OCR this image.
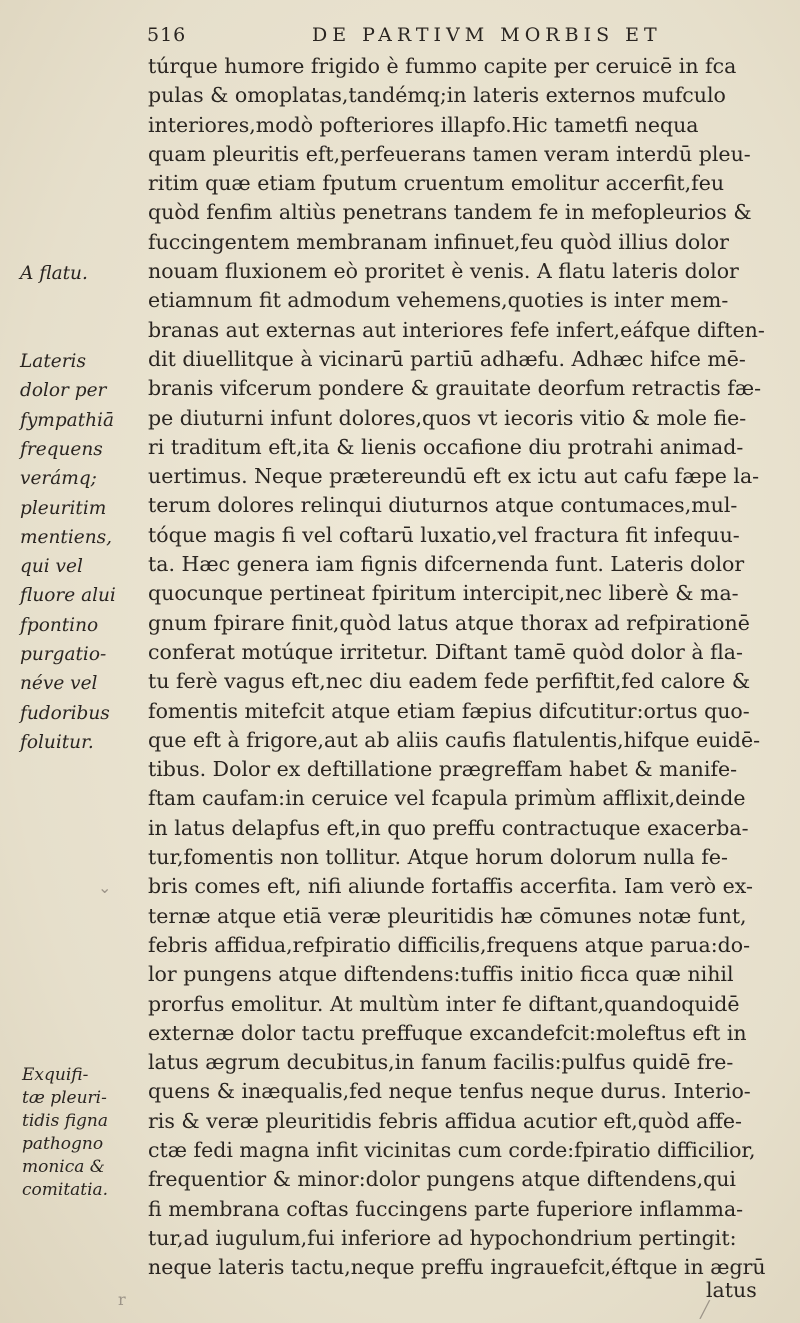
516	DE PARTIVM MORBIS ET
túrque humore frigido è fummo capite per ceruicē in fca
pulas & omoplatas,tandémq;in lateris externos mufculo
interiores,modò pofteriores illapfo.Hic tametfi nequa
quam pleuritis eft,perfeuerans tamen veram interdū pleu-
ritim quæ etiam fputum cruentum emolitur accerfit,feu
quòd fenfim altiùs penetrans tandem fe in mefopleurios &
fuccingentem membranam infinuet,feu quòd illius dolor
nouam fluxionem eò proritet è venis. A flatu lateris dolor
etiamnum fit admodum vehemens,quoties is inter mem-
branas aut externas aut interiores fefe infert,eáfque diften-
dit diuellitque à vicinarū partiū adhæfu. Adhæc hifce mē-
branis vifcerum pondere & grauitate deorfum retractis fæ-
pe diuturni infunt dolores,quos vt iecoris vitio & mole fie-
ri traditum eft,ita & lienis occafione diu protrahi animad-
uertimus. Neque prætereundū eft ex ictu aut cafu fæpe la-
terum dolores relinqui diuturnos atque contumaces,mul-
tóque magis fi vel coftarū luxatio,vel fractura fit infequu-
ta. Hæc genera iam fignis difcernenda funt. Lateris dolor
quocunque pertineat fpiritum intercipit,nec liberè & ma-
gnum fpirare finit,quòd latus atque thorax ad refpirationē
conferat motúque irritetur. Diftant tamē quòd dolor à fla-
tu ferè vagus eft,nec diu eadem fede perfiftit,fed calore &
fomentis mitefcit atque etiam fæpius difcutitur:ortus quo-
que eft à frigore,aut ab aliis caufis flatulentis,hifque euidē-
tibus. Dolor ex deftillatione prægreffam habet & manife-
ftam caufam:in ceruice vel fcapula primùm afflixit,deinde
in latus delapfus eft,in quo preffu contractuque exacerba-
tur,fomentis non tollitur. Atque horum dolorum nulla fe-
bris comes eft, nifi aliunde fortaffis accerfita. Iam verò ex-
ternæ atque etiā veræ pleuritidis hæ cōmunes notæ funt,
febris affidua,refpiratio difficilis,frequens atque parua:do-
lor pungens atque diftendens:tuffis initio ficca quæ nihil
prorfus emolitur. At multùm inter fe diftant,quandoquidē
externæ dolor tactu preffuque excandefcit:moleftus eft in
latus ægrum decubitus,in fanum facilis:pulfus quidē fre-
quens & inæqualis,fed neque tenfus neque durus. Interio-
ris & veræ pleuritidis febris affidua acutior eft,quòd affe-
ctæ fedi magna infit vicinitas cum corde:fpiratio difficilior,
frequentior & minor:dolor pungens atque diftendens,qui
fi membrana coftas fuccingens parte fuperiore inflamma-
tur,ad iugulum,fui inferiore ad hypochondrium pertingit:
neque lateris tactu,neque preffu ingrauefcit,éftque in ægrū
A flatu.
Lateris
dolor per
fympathiā
frequens
verámq;
pleuritim
mentiens,
qui vel
fluore alui
fpontino
purgatio-
néve vel
fudoribus
foluitur.
Exquifi-
tæ pleuri-
tidis figna
pathogno
monica &
comitatia.
latus
⌄
r
╱
